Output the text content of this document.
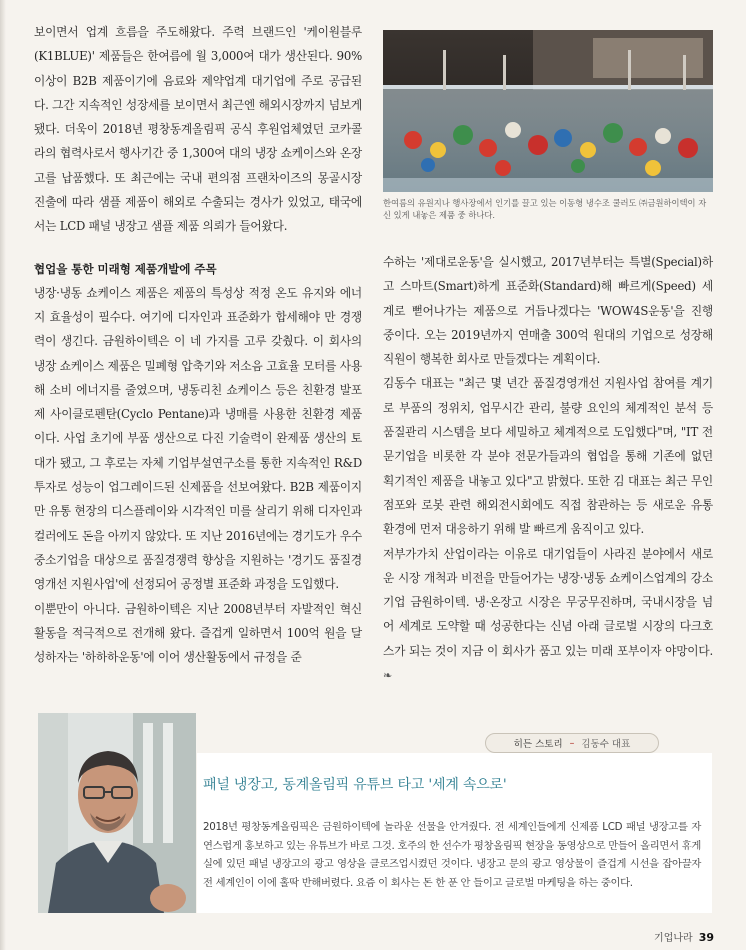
보이면서 업계 흐름을 주도해왔다. 주력 브랜드인 '케이원블루(K1BLUE)' 제품들은 한여름에 월 3,000여 대가 생산된다. 90% 이상이 B2B 제품이기에 음료와 제약업계 대기업에 주로 공급된다. 그간 지속적인 성장세를 보이면서 최근엔 해외시장까지 넘보게 됐다. 더욱이 2018년 평창동계올림픽 공식 후원업체였던 코카콜라의 협력사로서 행사기간 중 1,300여 대의 냉장 쇼케이스와 온장고를 납품했다. 또 최근에는 국내 편의점 프랜차이즈의 몽골시장 진출에 따라 샘플 제품이 해외로 수출되는 경사가 있었고, 태국에서는 LCD 패널 냉장고 샘플 제품 의뢰가 들어왔다.

협업을 통한 미래형 제품개발에 주목

냉장·냉동 쇼케이스 제품은 제품의 특성상 적정 온도 유지와 에너지 효율성이 필수다. 여기에 디자인과 표준화가 합세해야 만 경쟁력이 생긴다. 금원하이텍은 이 네 가지를 고루 갖췄다. 이 회사의 냉장 쇼케이스 제품은 밀폐형 압축기와 저소음 고효율 모터를 사용해 소비 에너지를 줄였으며, 냉동리친 쇼케이스 등은 친환경 발포제 사이클로펜탄(Cyclo Pentane)과 냉매를 사용한 친환경 제품이다. 사업 초기에 부품 생산으로 다진 기술력이 완제품 생산의 토대가 됐고, 그 후로는 자체 기업부설연구소를 통한 지속적인 R&D 투자로 성능이 업그레이드된 신제품을 선보여왔다. B2B 제품이지만 유통 현장의 디스플레이와 시각적인 미를 살리기 위해 디자인과 컬러에도 돈을 아끼지 않았다. 또 지난 2016년에는 경기도가 우수 중소기업을 대상으로 품질경쟁력 향상을 지원하는 '경기도 품질경영개선 지원사업'에 선정되어 공정별 표준화 과정을 도입했다.

이뿐만이 아니다. 금원하이텍은 지난 2008년부터 자발적인 혁신활동을 적극적으로 전개해 왔다. 즐겁게 일하면서 100억 원을 달성하자는 '하하하운동'에 이어 생산활동에서 규정을 준

한여름의 유원지나 행사장에서 인기를 끌고 있는 이동형 냉수조 쿨러도 ㈜금원하이텍이 자신 있게 내놓은 제품 중 하나다.

수하는 '제대로운동'을 실시했고, 2017년부터는 특별(Special)하고 스마트(Smart)하게 표준화(Standard)해 빠르게(Speed) 세계로 뻗어나가는 제품으로 거듭나겠다는 'WOW4S운동'을 진행 중이다. 오는 2019년까지 연매출 300억 원대의 기업으로 성장해 직원이 행복한 회사로 만들겠다는 계획이다.

김동수 대표는 "최근 몇 년간 품질경영개선 지원사업 참여를 계기로 부품의 정위치, 업무시간 관리, 불량 요인의 체계적인 분석 등 품질관리 시스템을 보다 세밀하고 체계적으로 도입했다"며, "IT 전문기업을 비롯한 각 분야 전문가들과의 협업을 통해 기존에 없던 획기적인 제품을 내놓고 있다"고 밝혔다. 또한 김 대표는 최근 무인점포와 로봇 관련 해외전시회에도 직접 참관하는 등 새로운 유통 환경에 먼저 대응하기 위해 발 빠르게 움직이고 있다.

저부가가치 산업이라는 이유로 대기업들이 사라진 분야에서 새로운 시장 개척과 비전을 만들어가는 냉장·냉동 쇼케이스업계의 강소기업 금원하이텍. 냉·온장고 시장은 무궁무진하며, 국내시장을 넘어 세계로 도약할 때 성공한다는 신념 아래 글로벌 시장의 다크호스가 되는 것이 지금 이 회사가 품고 있는 미래 포부이자 야망이다. ❧

히든 스토리 – 김동수 대표
패널 냉장고, 동계올림픽 유튜브 타고 '세계 속으로'

2018년 평창동계올림픽은 금원하이텍에 놀라운 선물을 안겨줬다. 전 세계인들에게 신제품 LCD 패널 냉장고를 자연스럽게 홍보하고 있는 유튜브가 바로 그것. 호주의 한 선수가 평창올림픽 현장을 동영상으로 만들어 올리면서 휴게실에 있던 패널 냉장고의 광고 영상을 클로즈업시켰던 것이다. 냉장고 문의 광고 영상물이 즐겁게 시선을 잡아끌자 전 세계인이 이에 홀딱 반해버렸다. 요즘 이 회사는 돈 한 푼 안 들이고 글로벌 마케팅을 하는 중이다.

기업나라 39
